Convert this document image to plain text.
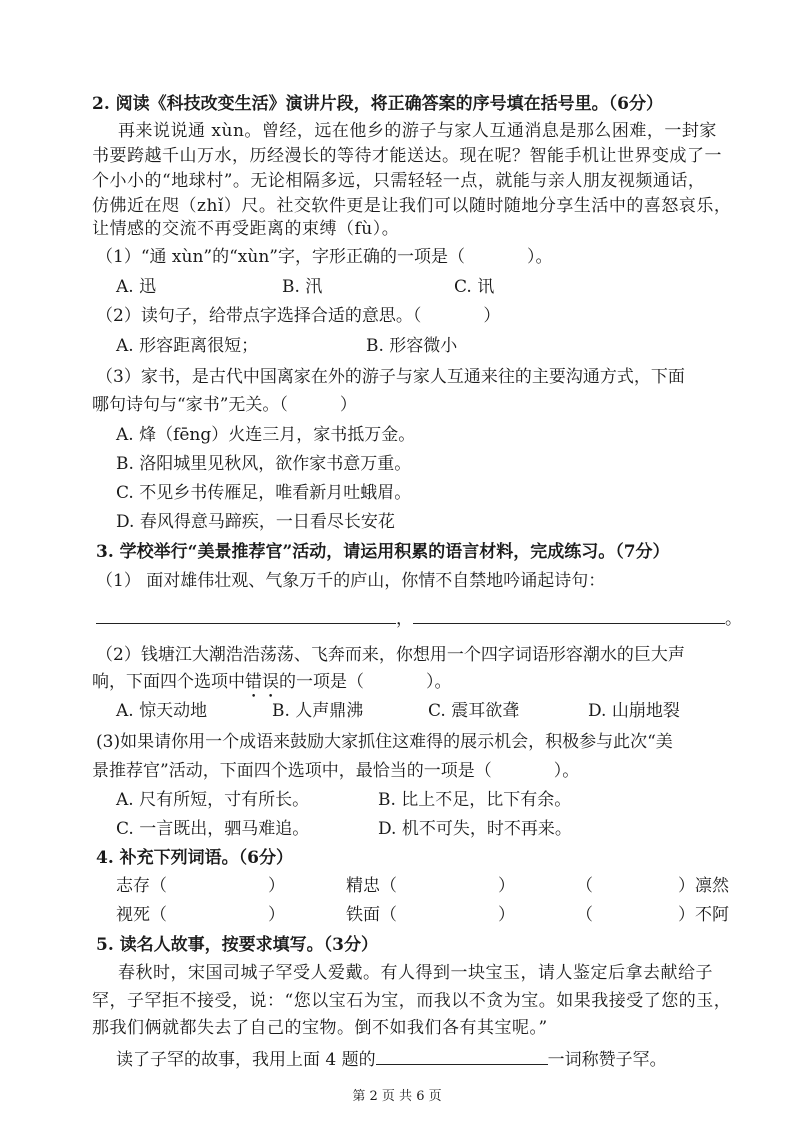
2. 阅读《科技改变生活》演讲片段，将正确答案的序号填在括号里。（6分）
再来说说通 xùn。曾经，远在他乡的游子与家人互通消息是那么困难，一封家
书要跨越千山万水，历经漫长的等待才能送达。现在呢？智能手机让世界变成了一
个小小的“地球村”。无论相隔多远，只需轻轻一点，就能与亲人朋友视频通话，
仿佛近在咫（zhǐ）尺。社交软件更是让我们可以随时随地分享生活中的喜怒哀乐，
让情感的交流不再受距离的束缚（fù）。
（1）“通 xùn”的“xùn”字，字形正确的一项是（	）。
A. 迅	B. 汛	C. 讯
（2）读句子，给带点字选择合适的意思。（	）
A. 形容距离很短；	B. 形容微小
（3）家书，是古代中国离家在外的游子与家人互通来往的主要沟通方式，下面
哪句诗句与“家书”无关。（	）
A. 烽（fēng）火连三月，家书抵万金。
B. 洛阳城里见秋风，欲作家书意万重。
C. 不见乡书传雁足，唯看新月吐蛾眉。
D. 春风得意马蹄疾，一日看尽长安花
3. 学校举行“美景推荐官”活动，请运用积累的语言材料，完成练习。（7分）
（1） 面对雄伟壮观、气象万千的庐山，你情不自禁地吟诵起诗句：
，	。
（2）钱塘江大潮浩浩荡荡、飞奔而来，你想用一个四字词语形容潮水的巨大声
响，下面四个选项中错误的一项是（	）。
A. 惊天动地	B. 人声鼎沸	C. 震耳欲聋	D. 山崩地裂
(3)如果请你用一个成语来鼓励大家抓住这难得的展示机会，积极参与此次“美
景推荐官”活动，下面四个选项中，最恰当的一项是（	）。
A. 尺有所短，寸有所长。	B. 比上不足，比下有余。
C. 一言既出，驷马难追。	D. 机不可失，时不再来。
4. 补充下列词语。（6分）
志存（	）	精忠（	）	（	）凛然
视死（	）	铁面（	）	（	）不阿
5. 读名人故事，按要求填写。（3分）
春秋时，宋国司城子罕受人爱戴。有人得到一块宝玉，请人鉴定后拿去献给子
罕，子罕拒不接受，说：“您以宝石为宝，而我以不贪为宝。如果我接受了您的玉，
那我们俩就都失去了自己的宝物。倒不如我们各有其宝呢。”
读了子罕的故事，我用上面 4 题的	一词称赞子罕。
第 2 页 共 6 页
